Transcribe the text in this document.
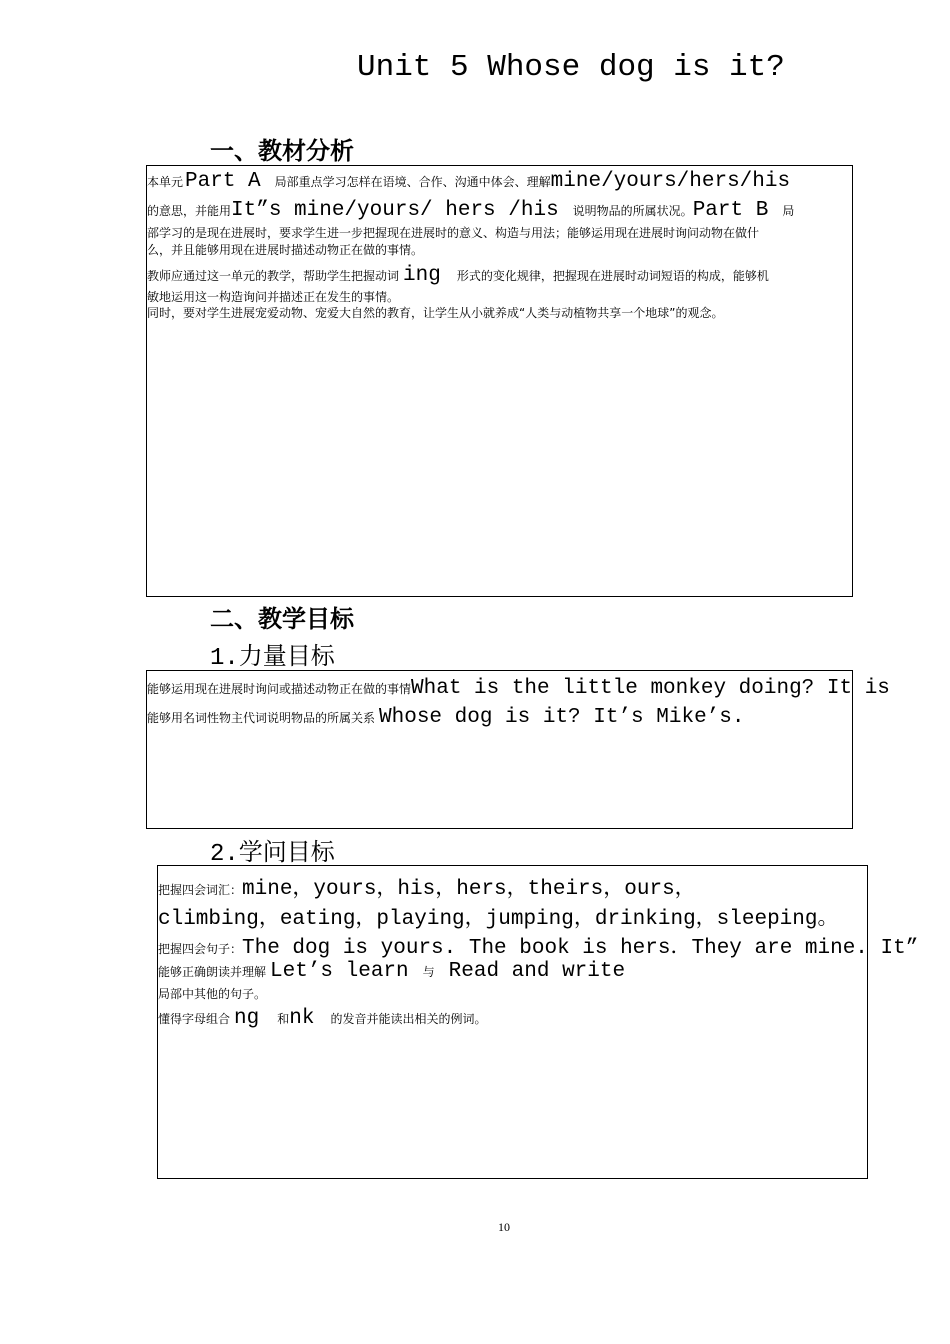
Unit 5 Whose dog is it?
一、教材分析
本单元Part A 局部重点学习怎样在语境、合作、沟通中体会、理解mine/yours/hers/his
的意思，并能用It”s mine/yours/ hers /his 说明物品的所属状况。Part B 局
部学习的是现在进展时，要求学生进一步把握现在进展时的意义、构造与用法；能够运用现在进展时询问动物在做什
么，并且能够用现在进展时描述动物正在做的事情。
教师应通过这一单元的教学，帮助学生把握动词 ing 形式的变化规律，把握现在进展时动词短语的构成，能够机
敏地运用这一构造询问并描述正在发生的事情。
同时，要对学生进展宠爱动物、宠爱大自然的教育，让学生从小就养成“人类与动植物共享一个地球”的观念。
二、教学目标
1.力量目标
能够运用现在进展时询问或描述动物正在做的事情What is the little monkey doing? It is
能够用名词性物主代词说明物品的所属关系 Whose dog is it? It’s Mike’s.
2.学问目标
把握四会词汇：mine，yours，his，hers，theirs，ours，
climbing，eating，playing，jumping，drinking，sleeping。
把握四会句子：The dog is yours. The book is hers．They are mine. It”
能够正确朗读并理解 Let’s learn 与 Read and write
局部中其他的句子。
懂得字母组合 ng 和nk 的发音并能读出相关的例词。
10
